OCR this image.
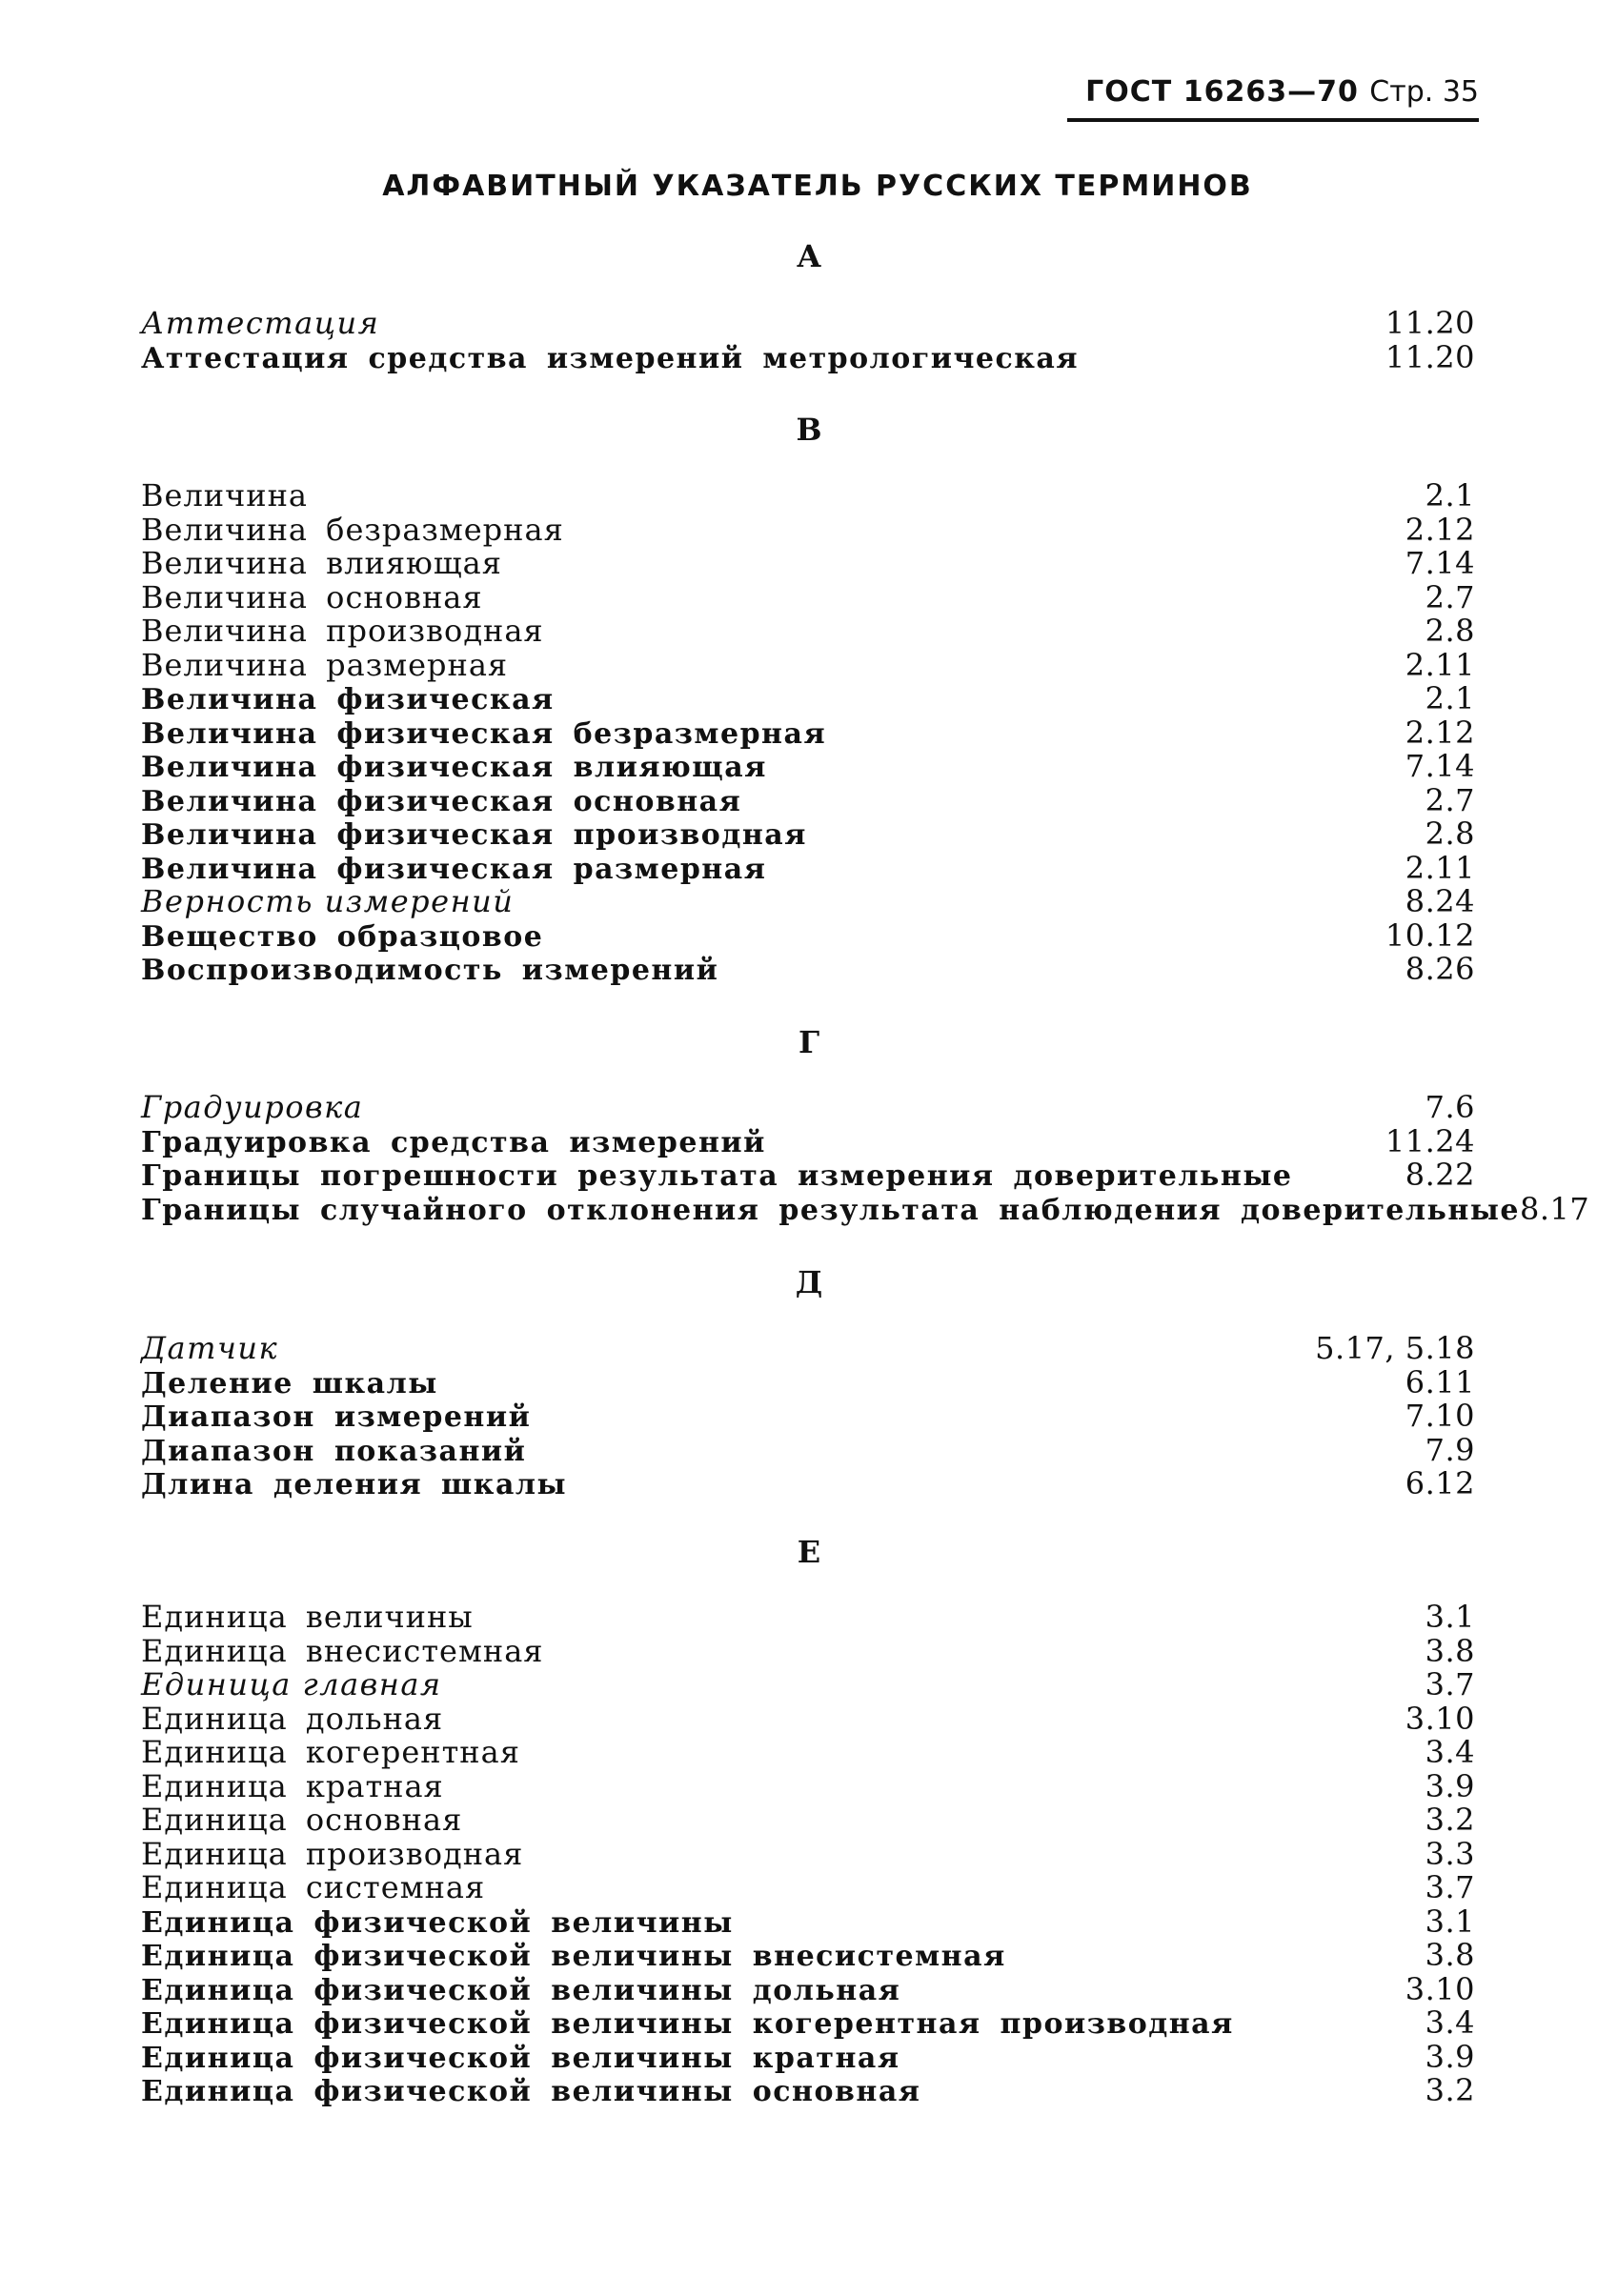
ГОСТ 16263—70 Стр. 35
АЛФАВИТНЫЙ УКАЗАТЕЛЬ РУССКИХ ТЕРМИНОВ
А
Аттестация	11.20
Аттестация средства измерений метрологическая	11.20
В
Величина	2.1
Величина безразмерная	2.12
Величина влияющая	7.14
Величина основная	2.7
Величина производная	2.8
Величина размерная	2.11
Величина физическая	2.1
Величина физическая безразмерная	2.12
Величина физическая влияющая	7.14
Величина физическая основная	2.7
Величина физическая производная	2.8
Величина физическая размерная	2.11
Верность измерений	8.24
Вещество образцовое	10.12
Воспроизводимость измерений	8.26
Г
Градуировка	7.6
Градуировка средства измерений	11.24
Границы погрешности результата измерения доверительные	8.22
Границы случайного отклонения результата наблюдения доверительные 8.17
Д
Датчик	5.17, 5.18
Деление шкалы	6.11
Диапазон измерений	7.10
Диапазон показаний	7.9
Длина деления шкалы	6.12
Е
Единица величины	3.1
Единица внесистемная	3.8
Единица главная	3.7
Единица дольная	3.10
Единица когерентная	3.4
Единица кратная	3.9
Единица основная	3.2
Единица производная	3.3
Единица системная	3.7
Единица физической величины	3.1
Единица физической величины внесистемная	3.8
Единица физической величины дольная	3.10
Единица физической величины когерентная производная	3.4
Единица физической величины кратная	3.9
Единица физической величины основная	3.2
